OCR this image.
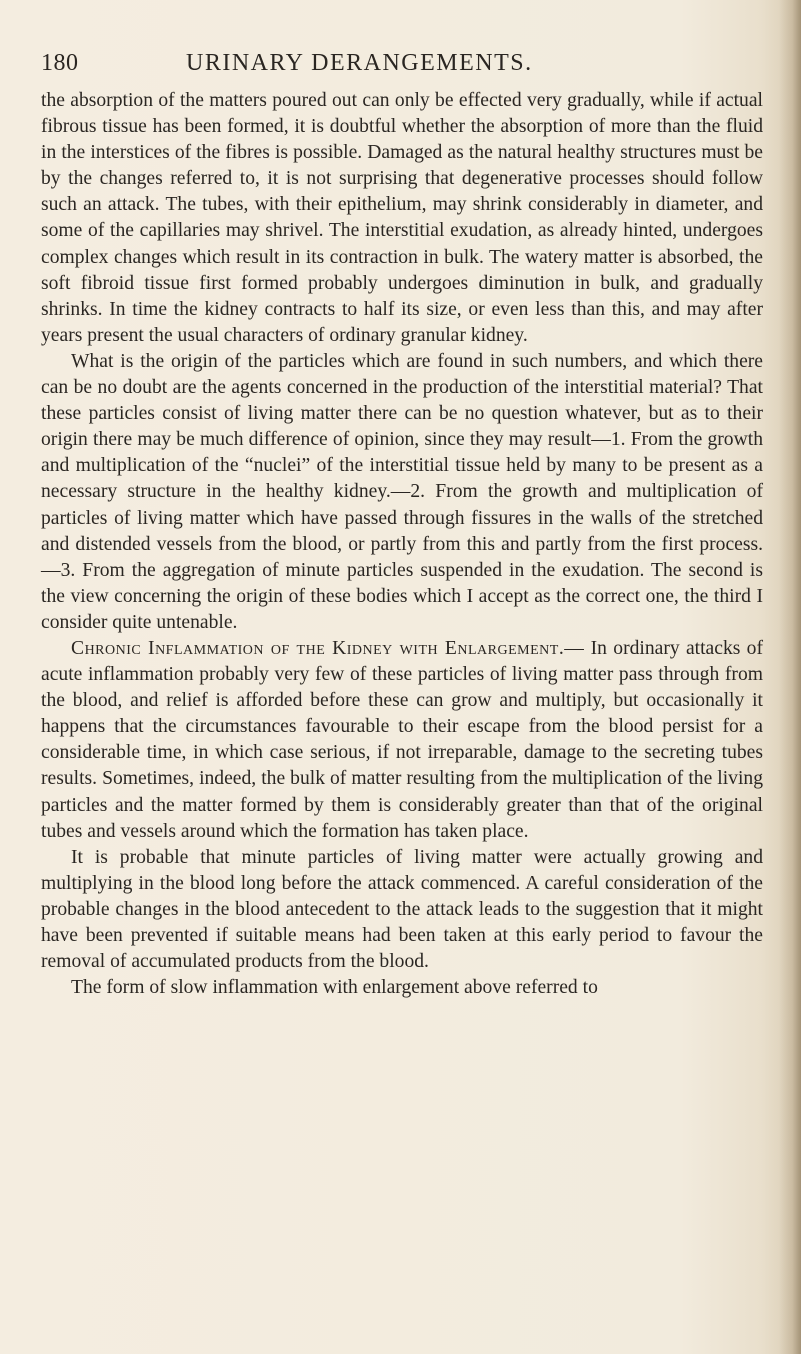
180	URINARY DERANGEMENTS.

the absorption of the matters poured out can only be effected very gradually, while if actual fibrous tissue has been formed, it is doubtful whether the absorption of more than the fluid in the interstices of the fibres is possible. Damaged as the natural healthy structures must be by the changes referred to, it is not surprising that degenerative processes should follow such an attack. The tubes, with their epithelium, may shrink considerably in diameter, and some of the capillaries may shrivel. The interstitial exudation, as already hinted, undergoes complex changes which result in its contraction in bulk. The watery matter is absorbed, the soft fibroid tissue first formed probably undergoes diminution in bulk, and gradually shrinks. In time the kidney contracts to half its size, or even less than this, and may after years present the usual characters of ordinary granular kidney.

What is the origin of the particles which are found in such numbers, and which there can be no doubt are the agents concerned in the production of the interstitial material? That these particles consist of living matter there can be no question whatever, but as to their origin there may be much difference of opinion, since they may result—1. From the growth and multiplication of the “nuclei” of the interstitial tissue held by many to be present as a necessary structure in the healthy kidney.—2. From the growth and multiplication of particles of living matter which have passed through fissures in the walls of the stretched and distended vessels from the blood, or partly from this and partly from the first process.—3. From the aggregation of minute particles suspended in the exudation. The second is the view concerning the origin of these bodies which I accept as the correct one, the third I consider quite untenable.

Chronic Inflammation of the Kidney with Enlargement.— In ordinary attacks of acute inflammation probably very few of these particles of living matter pass through from the blood, and relief is afforded before these can grow and multiply, but occasionally it happens that the circumstances favourable to their escape from the blood persist for a considerable time, in which case serious, if not irreparable, damage to the secreting tubes results. Sometimes, indeed, the bulk of matter resulting from the multiplication of the living particles and the matter formed by them is considerably greater than that of the original tubes and vessels around which the formation has taken place.

It is probable that minute particles of living matter were actually growing and multiplying in the blood long before the attack commenced. A careful consideration of the probable changes in the blood antecedent to the attack leads to the suggestion that it might have been prevented if suitable means had been taken at this early period to favour the removal of accumulated products from the blood.

The form of slow inflammation with enlargement above referred to
